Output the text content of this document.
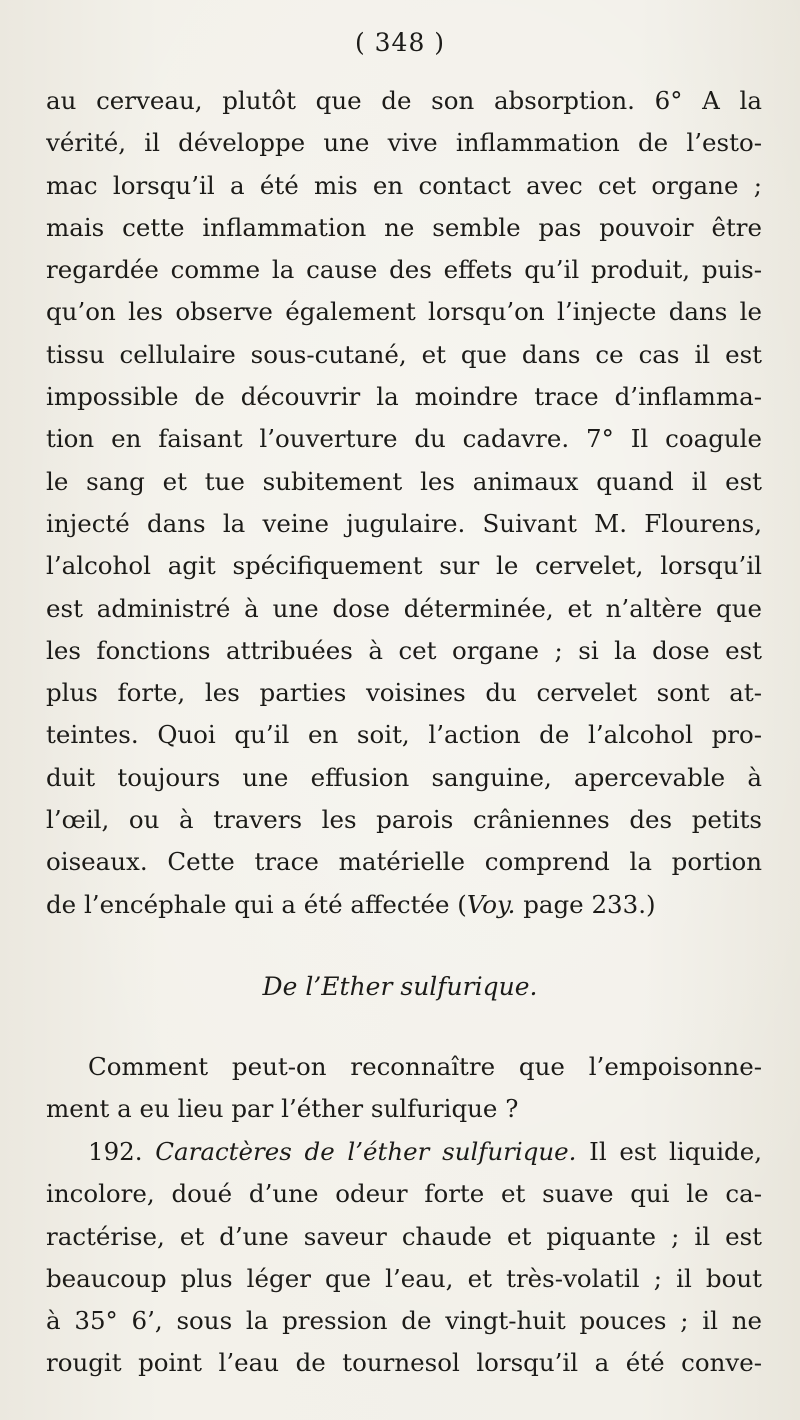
( 348 )
au cerveau, plutôt que de son absorption. 6° A la
vérité, il développe une vive inflammation de l’esto-
mac lorsqu’il a été mis en contact avec cet organe ;
mais cette inflammation ne semble pas pouvoir être
regardée comme la cause des effets qu’il produit, puis-
qu’on les observe également lorsqu’on l’injecte dans le
tissu cellulaire sous-cutané, et que dans ce cas il est
impossible de découvrir la moindre trace d’inflamma-
tion en faisant l’ouverture du cadavre. 7° Il coagule
le sang et tue subitement les animaux quand il est
injecté dans la veine jugulaire. Suivant M. Flourens,
l’alcohol agit spécifiquement sur le cervelet, lorsqu’il
est administré à une dose déterminée, et n’altère que
les fonctions attribuées à cet organe ; si la dose est
plus forte, les parties voisines du cervelet sont at-
teintes. Quoi qu’il en soit, l’action de l’alcohol pro-
duit toujours une effusion sanguine, apercevable à
l’œil, ou à travers les parois crâniennes des petits
oiseaux. Cette trace matérielle comprend la portion
de l’encéphale qui a été affectée (Voy. page 233.)
De l’Ether sulfurique.
Comment peut-on reconnaître que l’empoisonne-
ment a eu lieu par l’éther sulfurique ?
192. Caractères de l’éther sulfurique. Il est liquide,
incolore, doué d’une odeur forte et suave qui le ca-
ractérise, et d’une saveur chaude et piquante ; il est
beaucoup plus léger que l’eau, et très-volatil ; il bout
à 35° 6’, sous la pression de vingt-huit pouces ; il ne
rougit point l’eau de tournesol lorsqu’il a été conve-
